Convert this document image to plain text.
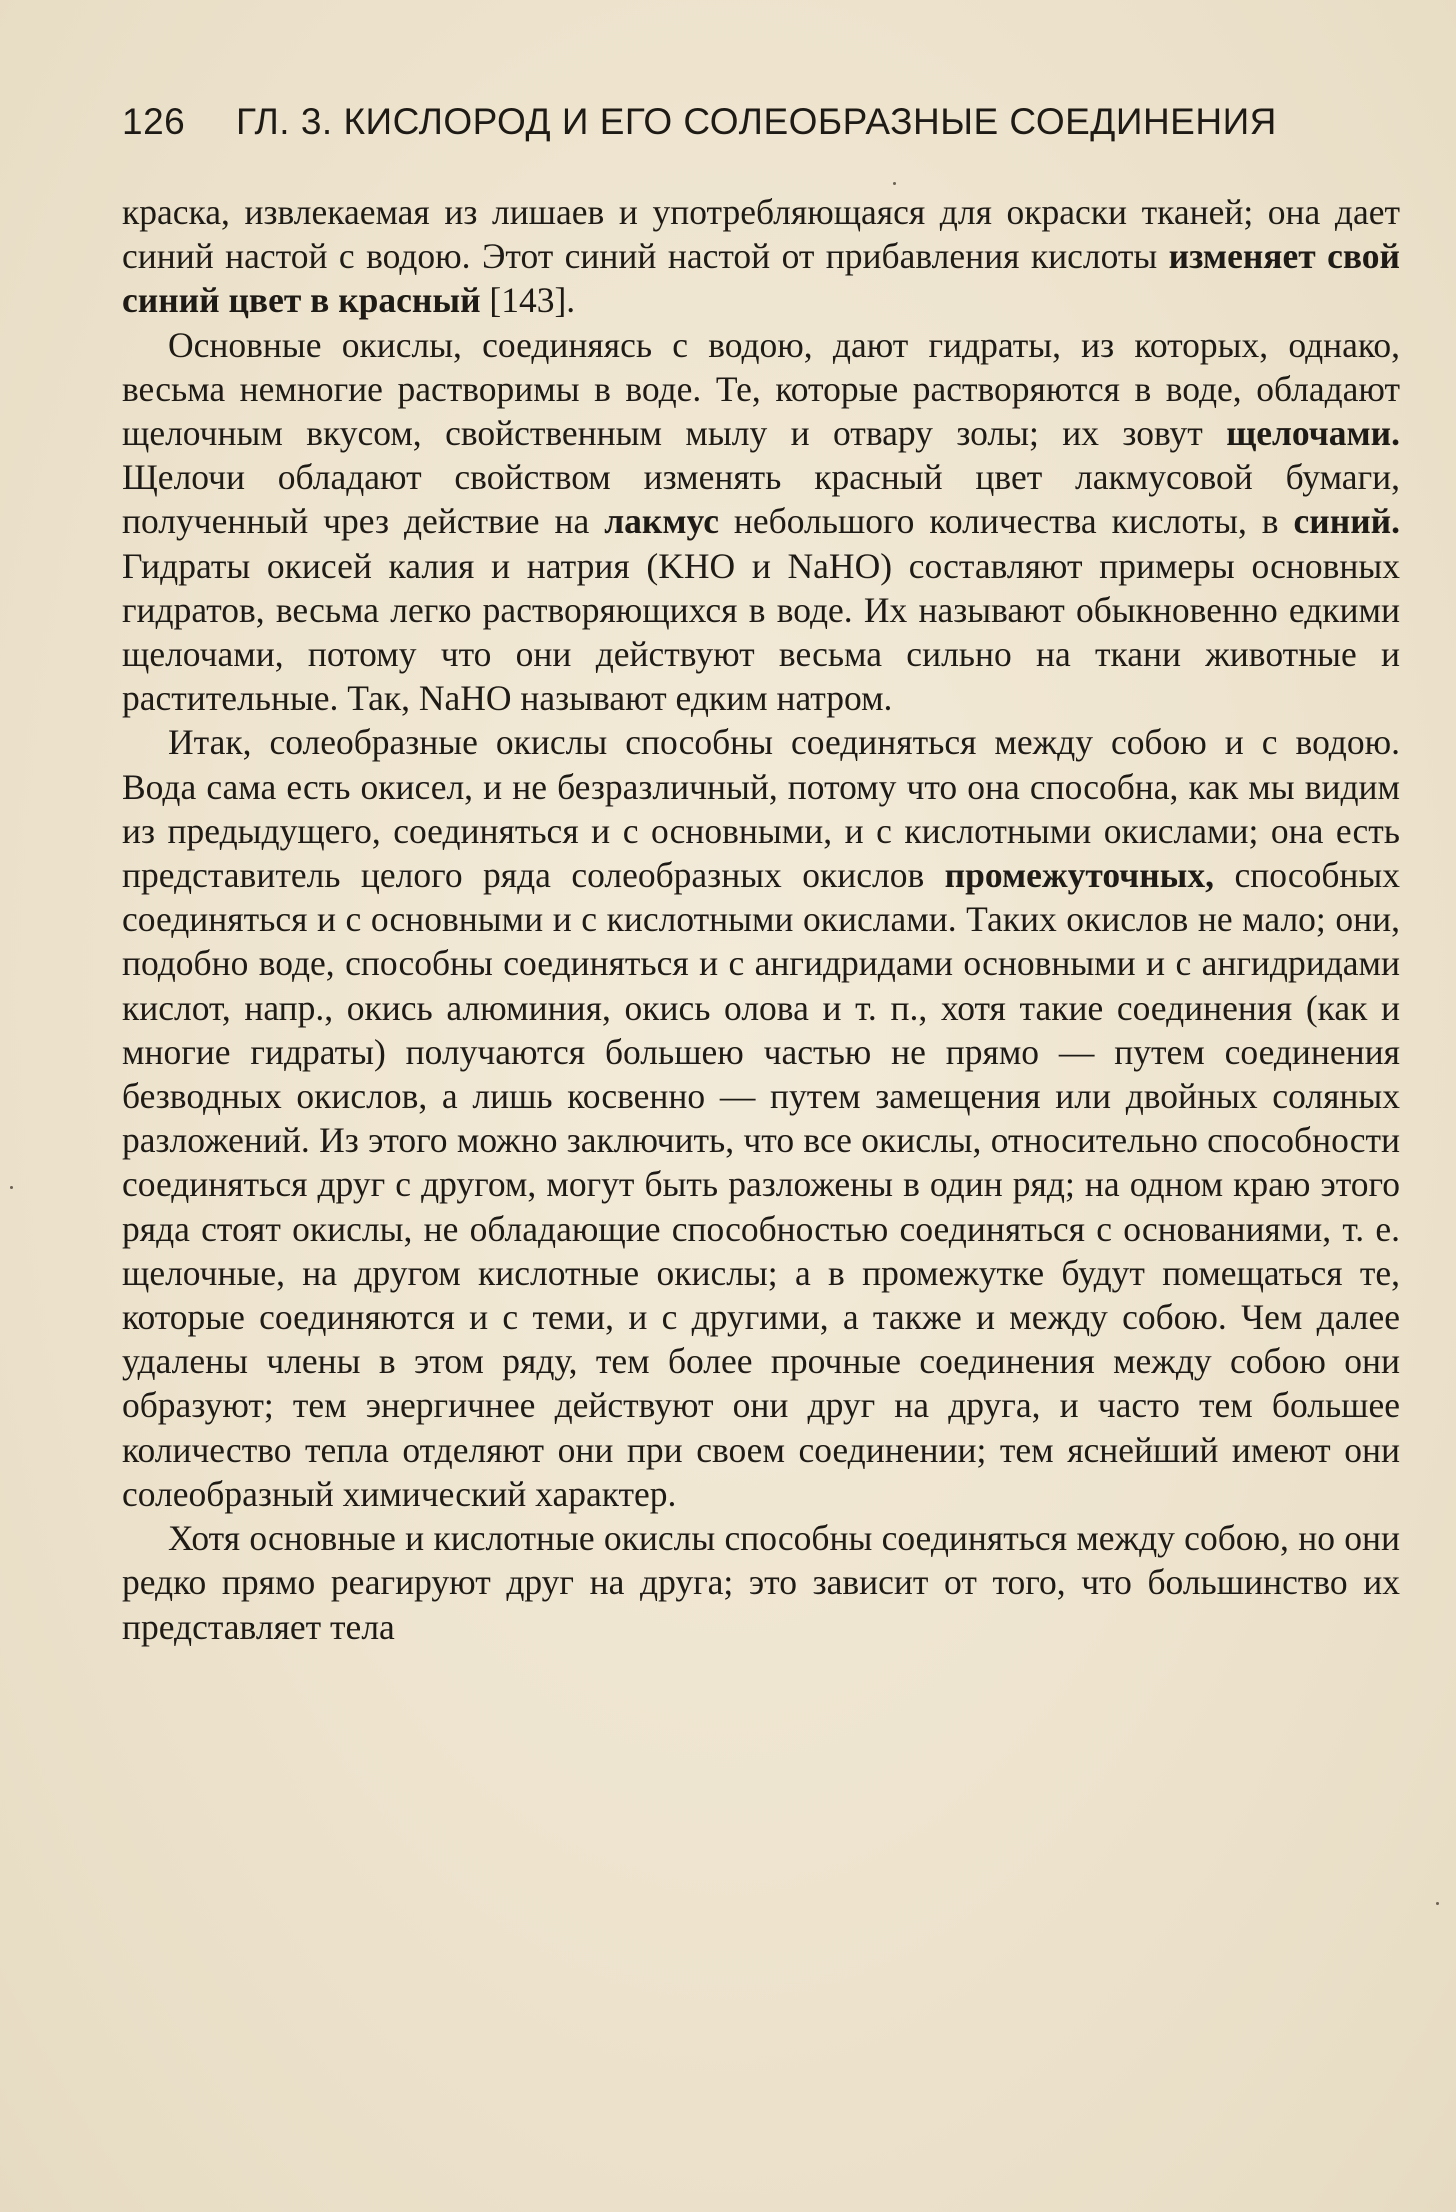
126 ГЛ. 3. КИСЛОРОД И ЕГО СОЛЕОБРАЗНЫЕ СОЕДИНЕНИЯ

краска, извлекаемая из лишаев и употребляющаяся для окраски тканей; она дает синий настой с водою. Этот синий настой от прибавления кислоты изменяет свой синий цвет в красный [143].

Основные окислы, соединяясь с водою, дают гидраты, из которых, однако, весьма немногие растворимы в воде. Те, которые растворяются в воде, обладают щелочным вкусом, свойственным мылу и отвару золы; их зовут щелочами. Щелочи обладают свойством изменять красный цвет лакмусовой бумаги, полученный чрез действие на лакмус небольшого количества кислоты, в синий. Гидраты окисей калия и натрия (KHO и NaHO) составляют примеры основных гидратов, весьма легко растворяющихся в воде. Их называют обыкновенно едкими щелочами, потому что они действуют весьма сильно на ткани животные и растительные. Так, NaHO называют едким натром.

Итак, солеобразные окислы способны соединяться между собою и с водою. Вода сама есть окисел, и не безразличный, потому что она способна, как мы видим из предыдущего, соединяться и с основными, и с кислотными окислами; она есть представитель целого ряда солеобразных окислов промежуточных, способных соединяться и с основными и с кислотными окислами. Таких окислов не мало; они, подобно воде, способны соединяться и с ангидридами основными и с ангидридами кислот, напр., окись алюминия, окись олова и т. п., хотя такие соединения (как и многие гидраты) получаются большею частью не прямо — путем соединения безводных окислов, а лишь косвенно — путем замещения или двойных соляных разложений. Из этого можно заключить, что все окислы, относительно способности соединяться друг с другом, могут быть разложены в один ряд; на одном краю этого ряда стоят окислы, не обладающие способностью соединяться с основаниями, т. е. щелочные, на другом кислотные окислы; а в промежутке будут помещаться те, которые соединяются и с теми, и с другими, а также и между собою. Чем далее удалены члены в этом ряду, тем более прочные соединения между собою они образуют; тем энергичнее действуют они друг на друга, и часто тем большее количество тепла отделяют они при своем соединении; тем яснейший имеют они солеобразный химический характер.

Хотя основные и кислотные окислы способны соединяться между собою, но они редко прямо реагируют друг на друга; это зависит от того, что большинство их представляет тела
